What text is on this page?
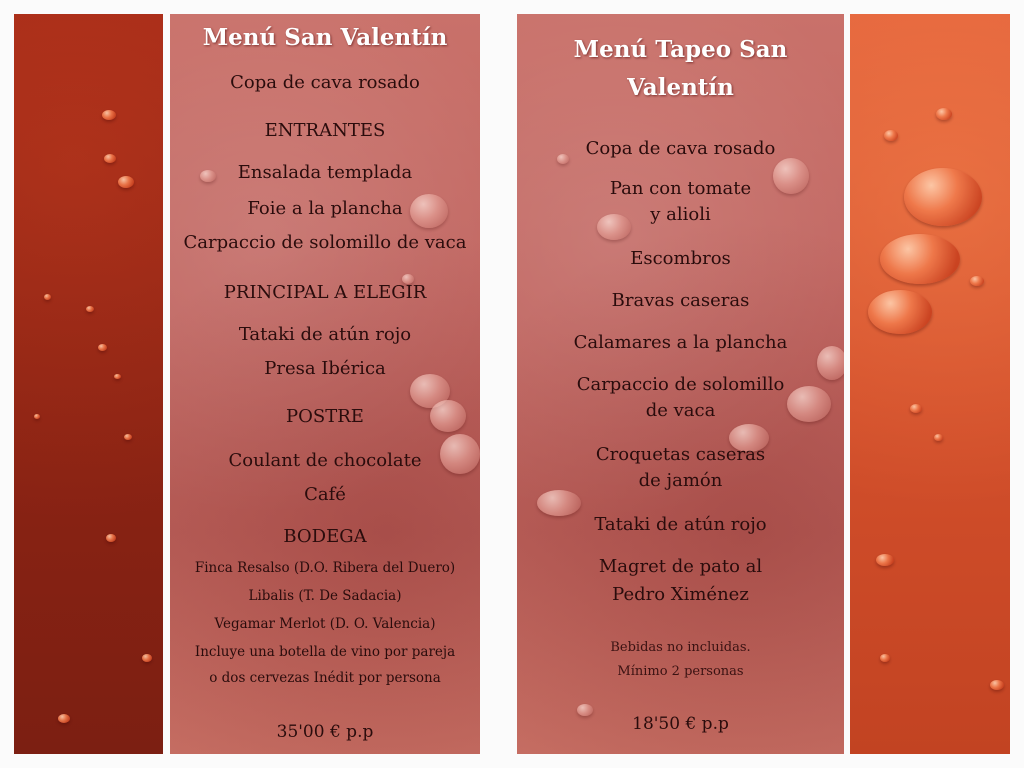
Menú San Valentín
Copa de cava rosado
ENTRANTES
Ensalada templada
Foie a la plancha
Carpaccio de solomillo de vaca
PRINCIPAL A ELEGIR
Tataki de atún rojo
Presa Ibérica
POSTRE
Coulant de chocolate
Café
BODEGA
Finca Resalso (D.O. Ribera del Duero)
Libalis (T. De Sadacia)
Vegamar Merlot (D. O. Valencia)
Incluye una botella de vino por pareja
o dos cervezas Inédit por persona
35'00 € p.p
Menú Tapeo San
Valentín
Copa de cava rosado
Pan con tomate
y alioli
Escombros
Bravas caseras
Calamares a la plancha
Carpaccio de solomillo
de vaca
Croquetas caseras
de jamón
Tataki de atún rojo
Magret de pato al
Pedro Ximénez
Bebidas no incluidas.
Mínimo 2 personas
18'50 € p.p
